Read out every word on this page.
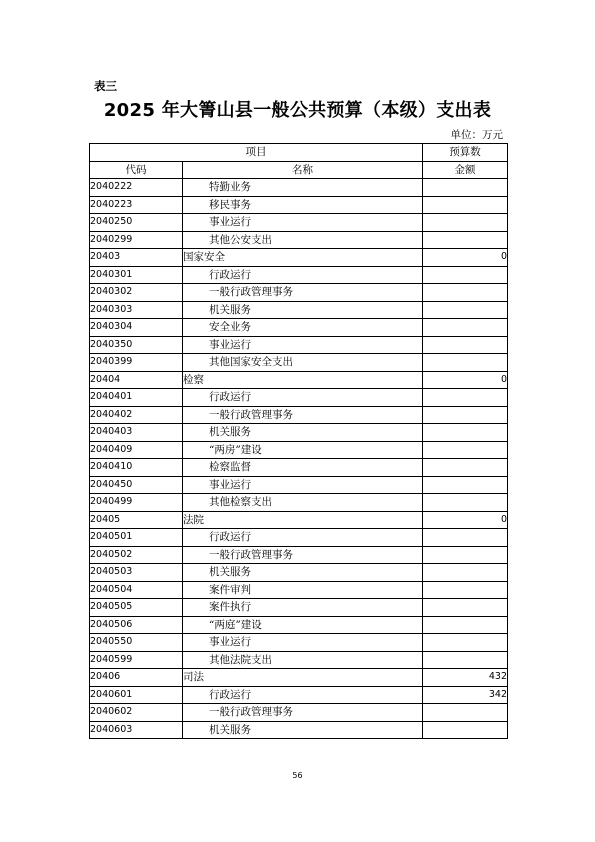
表三
2025 年大箐山县一般公共预算（本级）支出表
单位：万元
项目		预算数
代码	名称	金额
2040222	特勤业务	
2040223	移民事务	
2040250	事业运行	
2040299	其他公安支出	
20403	国家安全	0
2040301	行政运行	
2040302	一般行政管理事务	
2040303	机关服务	
2040304	安全业务	
2040350	事业运行	
2040399	其他国家安全支出	
20404	检察	0
2040401	行政运行	
2040402	一般行政管理事务	
2040403	机关服务	
2040409	“两房”建设	
2040410	检察监督	
2040450	事业运行	
2040499	其他检察支出	
20405	法院	0
2040501	行政运行	
2040502	一般行政管理事务	
2040503	机关服务	
2040504	案件审判	
2040505	案件执行	
2040506	“两庭”建设	
2040550	事业运行	
2040599	其他法院支出	
20406	司法	432
2040601	行政运行	342
2040602	一般行政管理事务	
2040603	机关服务	
56
